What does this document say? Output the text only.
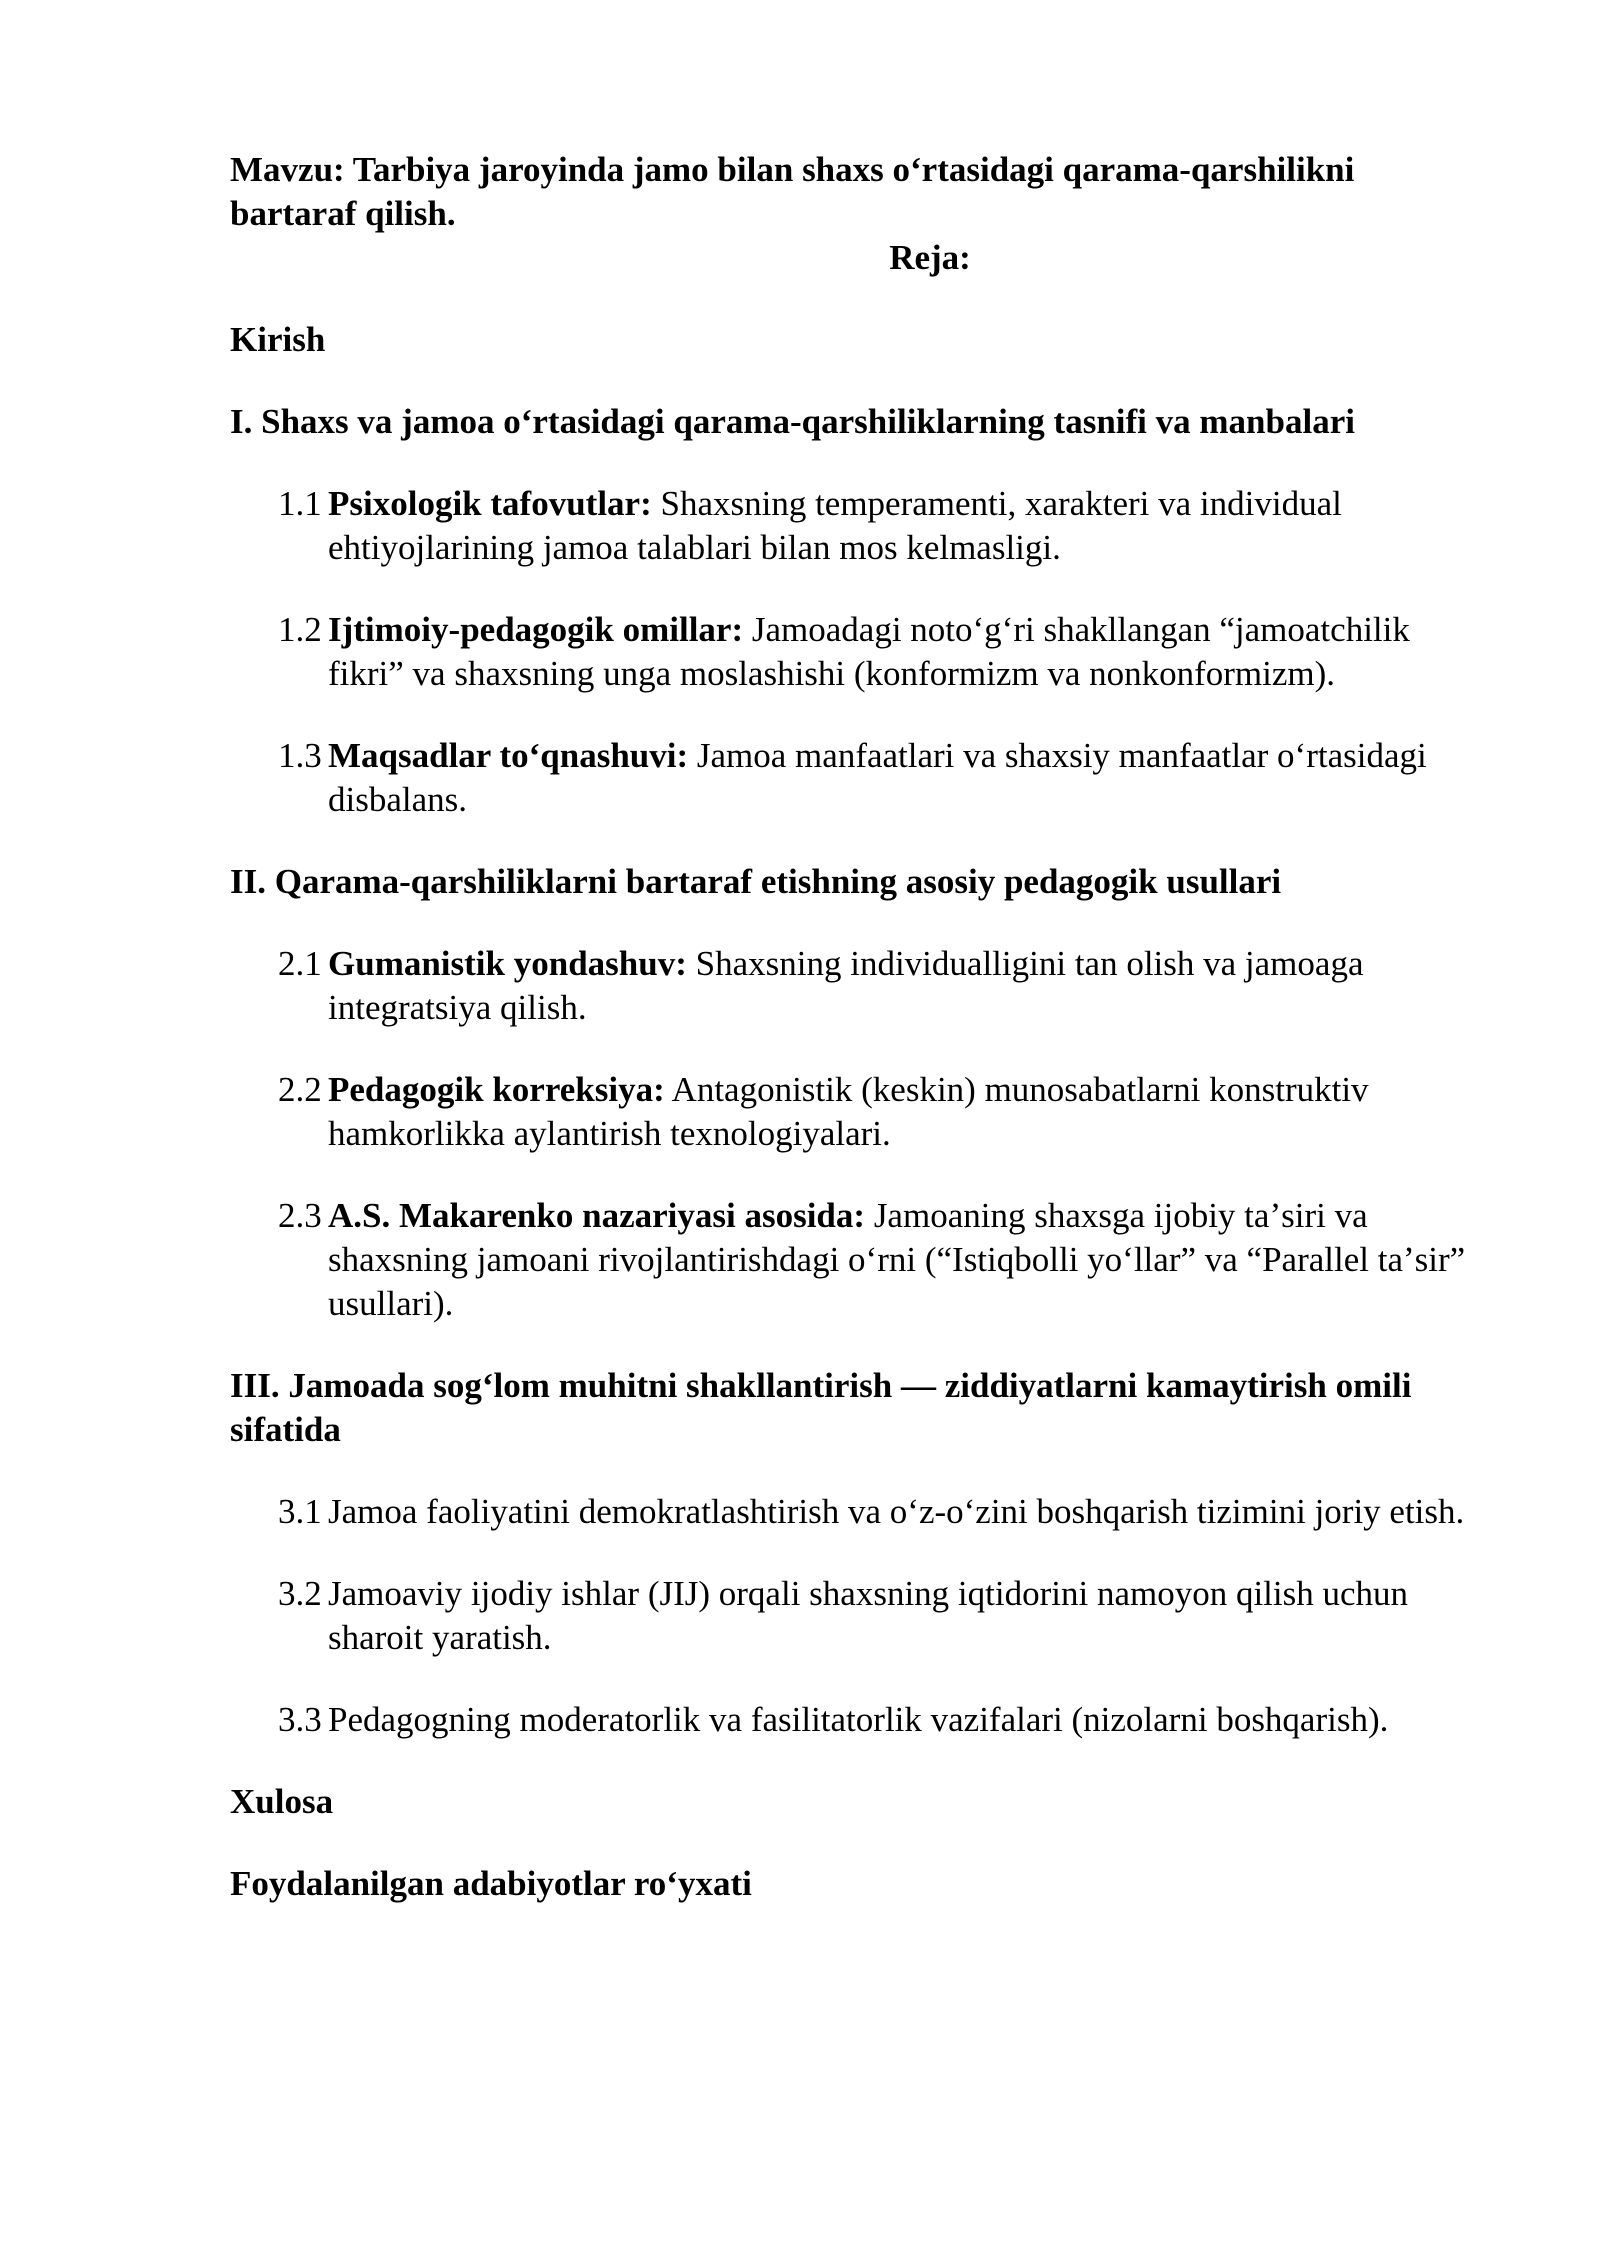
Mavzu: Tarbiya jaroyinda jamo bilan shaxs oʻrtasidagi qarama-qarshilikni bartaraf qilish.

Reja:

Kirish

I. Shaxs va jamoa oʻrtasidagi qarama-qarshiliklarning tasnifi va manbalari

1.1 Psixologik tafovutlar: Shaxsning temperamenti, xarakteri va individual ehtiyojlarining jamoa talablari bilan mos kelmasligi.
1.2 Ijtimoiy-pedagogik omillar: Jamoadagi notoʻgʻri shakllangan “jamoatchilik fikri” va shaxsning unga moslashishi (konformizm va nonkonformizm).
1.3 Maqsadlar toʻqnashuvi: Jamoa manfaatlari va shaxsiy manfaatlar oʻrtasidagi disbalans.

II. Qarama-qarshiliklarni bartaraf etishning asosiy pedagogik usullari

2.1 Gumanistik yondashuv: Shaxsning individualligini tan olish va jamoaga integratsiya qilish.
2.2 Pedagogik korreksiya: Antagonistik (keskin) munosabatlarni konstruktiv hamkorlikka aylantirish texnologiyalari.
2.3 A.S. Makarenko nazariyasi asosida: Jamoaning shaxsga ijobiy taʼsiri va shaxsning jamoani rivojlantirishdagi oʻrni (“Istiqbolli yoʻllar” va “Parallel taʼsir” usullari).

III. Jamoada sogʻlom muhitni shakllantirish — ziddiyatlarni kamaytirish omili sifatida

3.1 Jamoa faoliyatini demokratlashtirish va oʻz-oʻzini boshqarish tizimini joriy etish.
3.2 Jamoaviy ijodiy ishlar (JIJ) orqali shaxsning iqtidorini namoyon qilish uchun sharoit yaratish.
3.3 Pedagogning moderatorlik va fasilitatorlik vazifalari (nizolarni boshqarish).

Xulosa

Foydalanilgan adabiyotlar roʻyxati
